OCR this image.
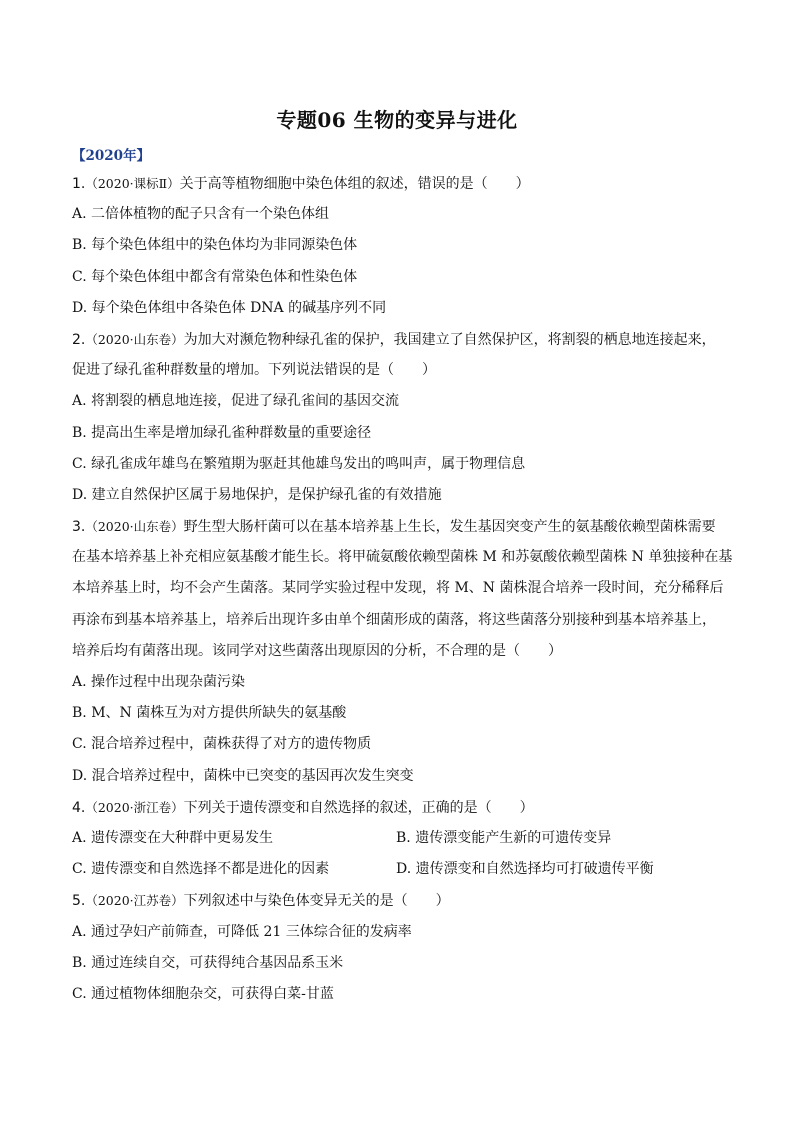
专题06 生物的变异与进化
【2020年】
1.（2020·课标Ⅱ）关于高等植物细胞中染色体组的叙述，错误的是（　　）
A. 二倍体植物的配子只含有一个染色体组
B. 每个染色体组中的染色体均为非同源染色体
C. 每个染色体组中都含有常染色体和性染色体
D. 每个染色体组中各染色体 DNA 的碱基序列不同
2.（2020·山东卷）为加大对濒危物种绿孔雀的保护，我国建立了自然保护区，将割裂的栖息地连接起来，
促进了绿孔雀种群数量的增加。下列说法错误的是（　　）
A. 将割裂的栖息地连接，促进了绿孔雀间的基因交流
B. 提高出生率是增加绿孔雀种群数量的重要途径
C. 绿孔雀成年雄鸟在繁殖期为驱赶其他雄鸟发出的鸣叫声，属于物理信息
D. 建立自然保护区属于易地保护，是保护绿孔雀的有效措施
3.（2020·山东卷）野生型大肠杆菌可以在基本培养基上生长，发生基因突变产生的氨基酸依赖型菌株需要
在基本培养基上补充相应氨基酸才能生长。将甲硫氨酸依赖型菌株 M 和苏氨酸依赖型菌株 N 单独接种在基
本培养基上时，均不会产生菌落。某同学实验过程中发现，将 M、N 菌株混合培养一段时间，充分稀释后
再涂布到基本培养基上，培养后出现许多由单个细菌形成的菌落，将这些菌落分别接种到基本培养基上，
培养后均有菌落出现。该同学对这些菌落出现原因的分析，不合理的是（　　）
A. 操作过程中出现杂菌污染
B. M、N 菌株互为对方提供所缺失的氨基酸
C. 混合培养过程中，菌株获得了对方的遗传物质
D. 混合培养过程中，菌株中已突变的基因再次发生突变
4.（2020·浙江卷）下列关于遗传漂变和自然选择的叙述，正确的是（　　）
A. 遗传漂变在大种群中更易发生	B. 遗传漂变能产生新的可遗传变异
C. 遗传漂变和自然选择不都是进化的因素	D. 遗传漂变和自然选择均可打破遗传平衡
5.（2020·江苏卷）下列叙述中与染色体变异无关的是（　　）
A. 通过孕妇产前筛查，可降低 21 三体综合征的发病率
B. 通过连续自交，可获得纯合基因品系玉米
C. 通过植物体细胞杂交，可获得白菜-甘蓝
